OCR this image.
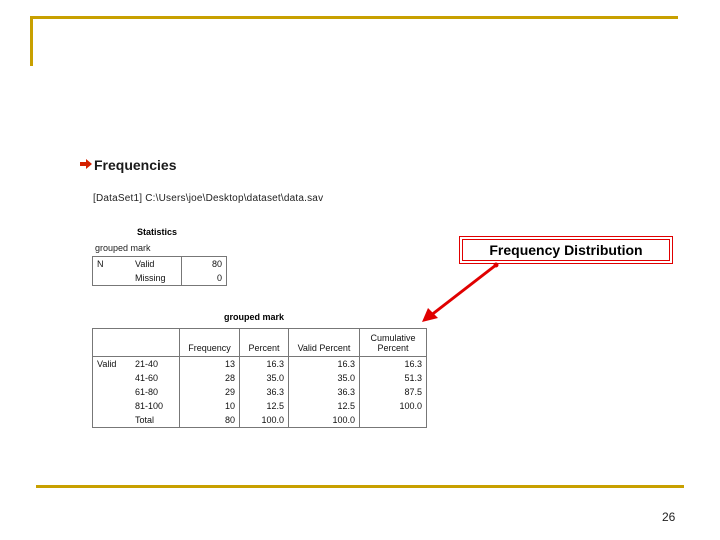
Frequencies
[DataSet1] C:\Users\joe\Desktop\dataset\data.sav
Statistics
grouped mark
N	Valid	80
	Missing	0
grouped mark
		Frequency	Percent	Valid Percent	Cumulative Percent
Valid	21-40	13	16.3	16.3	16.3
	41-60	28	35.0	35.0	51.3
	61-80	29	36.3	36.3	87.5
	81-100	10	12.5	12.5	100.0
	Total	80	100.0	100.0	
Frequency Distribution
26
